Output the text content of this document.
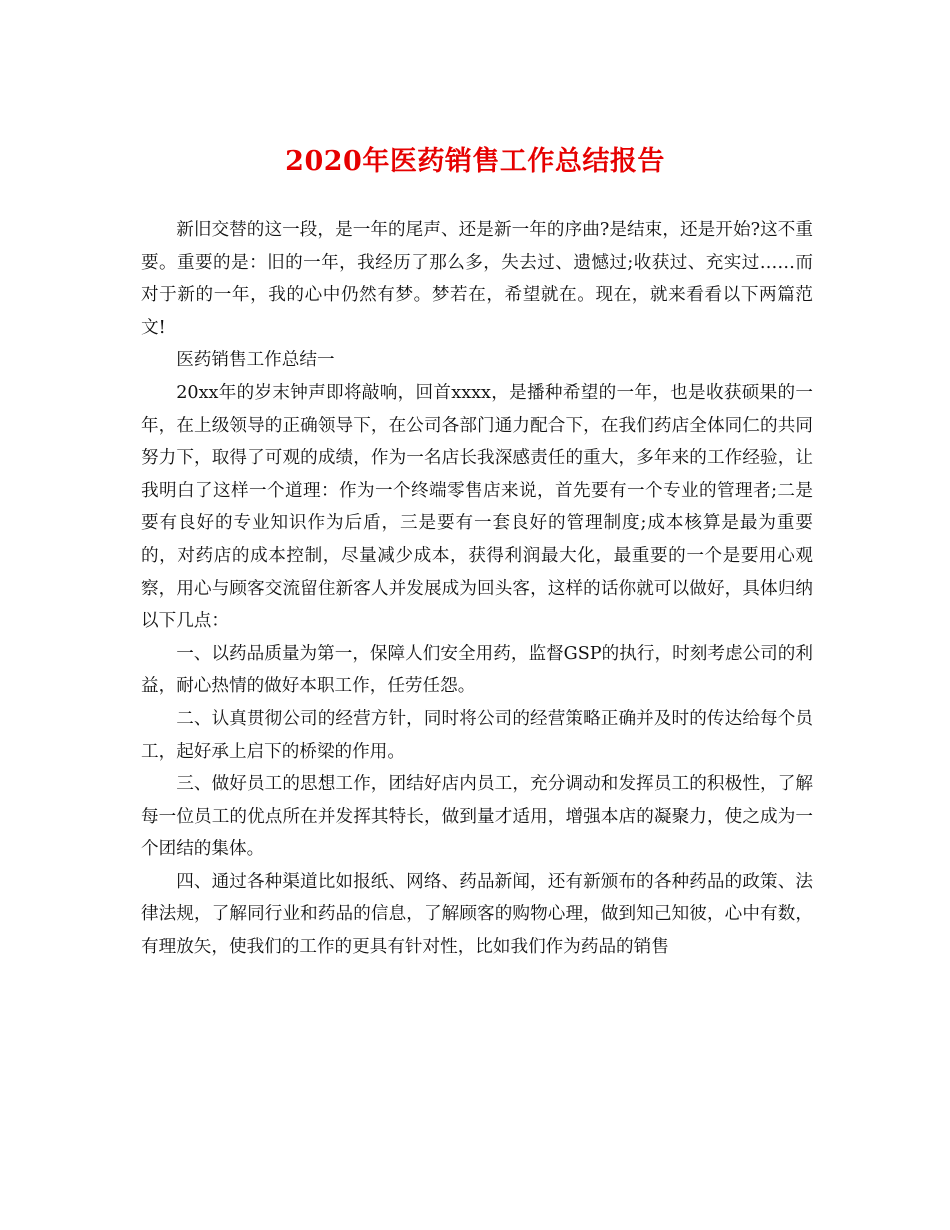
2020年医药销售工作总结报告

新旧交替的这一段，是一年的尾声、还是新一年的序曲?是结束，还是开始?这不重要。重要的是：旧的一年，我经历了那么多，失去过、遗憾过;收获过、充实过……而对于新的一年，我的心中仍然有梦。梦若在，希望就在。现在，就来看看以下两篇范文!

医药销售工作总结一

20xx年的岁末钟声即将敲响，回首xxxx，是播种希望的一年，也是收获硕果的一年，在上级领导的正确领导下，在公司各部门通力配合下，在我们药店全体同仁的共同努力下，取得了可观的成绩，作为一名店长我深感责任的重大，多年来的工作经验，让我明白了这样一个道理：作为一个终端零售店来说，首先要有一个专业的管理者;二是要有良好的专业知识作为后盾，三是要有一套良好的管理制度;成本核算是最为重要的，对药店的成本控制，尽量减少成本，获得利润最大化，最重要的一个是要用心观察，用心与顾客交流留住新客人并发展成为回头客，这样的话你就可以做好，具体归纳以下几点：

一、以药品质量为第一，保障人们安全用药，监督GSP的执行，时刻考虑公司的利益，耐心热情的做好本职工作，任劳任怨。

二、认真贯彻公司的经营方针，同时将公司的经营策略正确并及时的传达给每个员工，起好承上启下的桥梁的作用。

三、做好员工的思想工作，团结好店内员工，充分调动和发挥员工的积极性，了解每一位员工的优点所在并发挥其特长，做到量才适用，增强本店的凝聚力，使之成为一个团结的集体。

四、通过各种渠道比如报纸、网络、药品新闻，还有新颁布的各种药品的政策、法律法规，了解同行业和药品的信息，了解顾客的购物心理，做到知己知彼，心中有数，有理放矢，使我们的工作的更具有针对性，比如我们作为药品的销售
